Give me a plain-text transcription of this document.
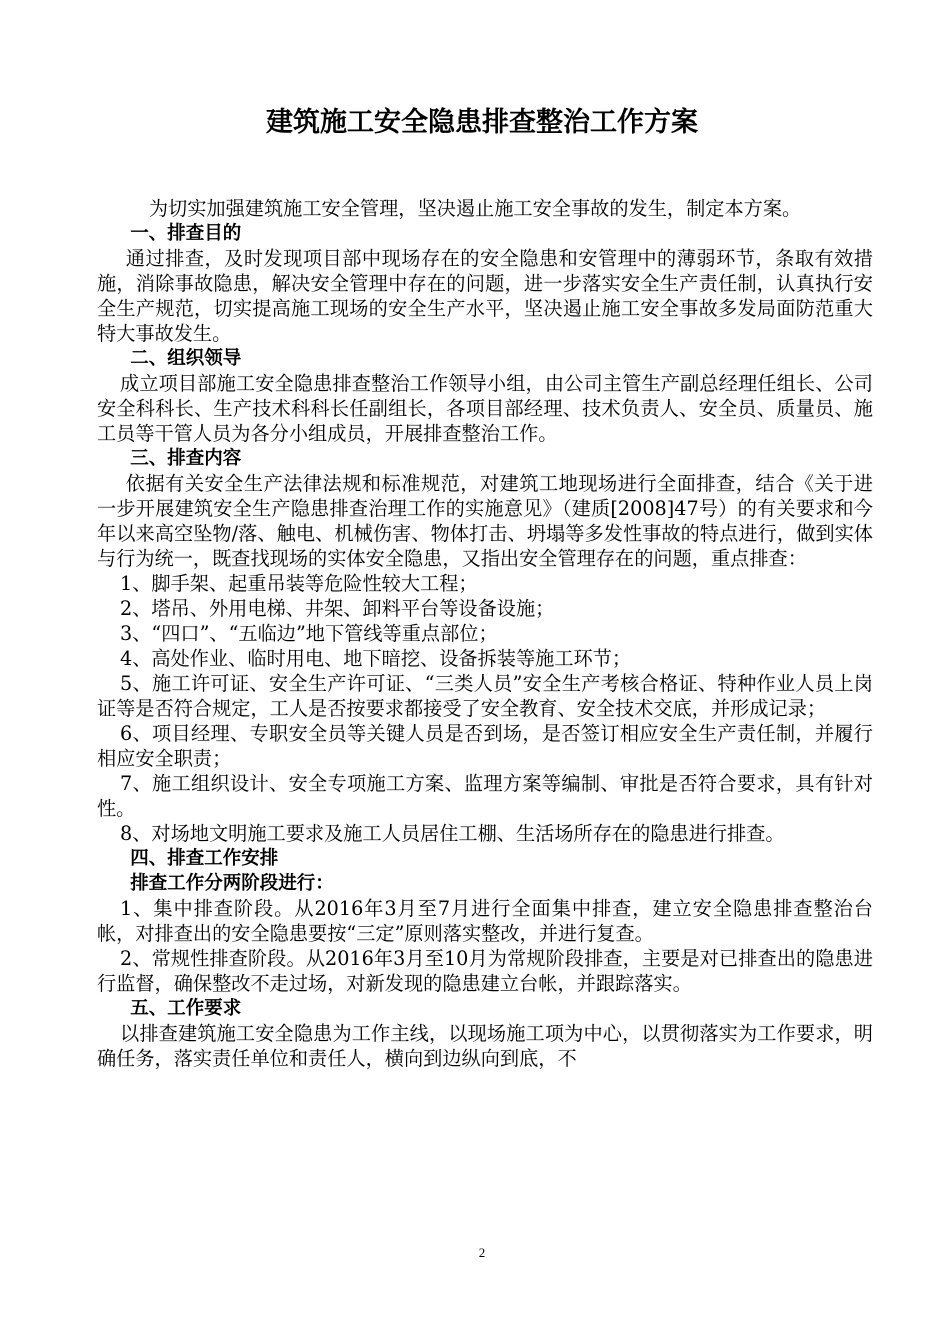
建筑施工安全隐患排查整治工作方案

为切实加强建筑施工安全管理，坚决遏止施工安全事故的发生，制定本方案。

一、排查目的

通过排查，及时发现项目部中现场存在的安全隐患和安管理中的薄弱环节，条取有效措施，消除事故隐患，解决安全管理中存在的问题，进一步落实安全生产责任制，认真执行安全生产规范，切实提高施工现场的安全生产水平，坚决遏止施工安全事故多发局面防范重大特大事故发生。

二、组织领导

成立项目部施工安全隐患排查整治工作领导小组，由公司主管生产副总经理任组长、公司安全科科长、生产技术科科长任副组长，各项目部经理、技术负责人、安全员、质量员、施工员等干管人员为各分小组成员，开展排查整治工作。

三、排查内容

依据有关安全生产法律法规和标准规范，对建筑工地现场进行全面排查，结合《关于进一步开展建筑安全生产隐患排查治理工作的实施意见》（建质[2008]47号）的有关要求和今年以来高空坠物/落、触电、机械伤害、物体打击、坍塌等多发性事故的特点进行，做到实体与行为统一，既查找现场的实体安全隐患，又指出安全管理存在的问题，重点排查：

1、脚手架、起重吊装等危险性较大工程；

2、塔吊、外用电梯、井架、卸料平台等设备设施；

3、“四口”、“五临边”地下管线等重点部位；

4、高处作业、临时用电、地下暗挖、设备拆装等施工环节；

5、施工许可证、安全生产许可证、“三类人员”安全生产考核合格证、特种作业人员上岗证等是否符合规定，工人是否按要求都接受了安全教育、安全技术交底，并形成记录；

6、项目经理、专职安全员等关键人员是否到场，是否签订相应安全生产责任制，并履行相应安全职责；

7、施工组织设计、安全专项施工方案、监理方案等编制、审批是否符合要求，具有针对性。

8、对场地文明施工要求及施工人员居住工棚、生活场所存在的隐患进行排查。

四、排查工作安排

排查工作分两阶段进行：

1、集中排查阶段。从2016年3月至7月进行全面集中排查，建立安全隐患排查整治台帐，对排查出的安全隐患要按“三定”原则落实整改，并进行复查。

2、常规性排查阶段。从2016年3月至10月为常规阶段排查，主要是对已排查出的隐患进行监督，确保整改不走过场，对新发现的隐患建立台帐，并跟踪落实。

五、工作要求

以排查建筑施工安全隐患为工作主线，以现场施工项为中心，以贯彻落实为工作要求，明确任务，落实责任单位和责任人，横向到边纵向到底，不

2
